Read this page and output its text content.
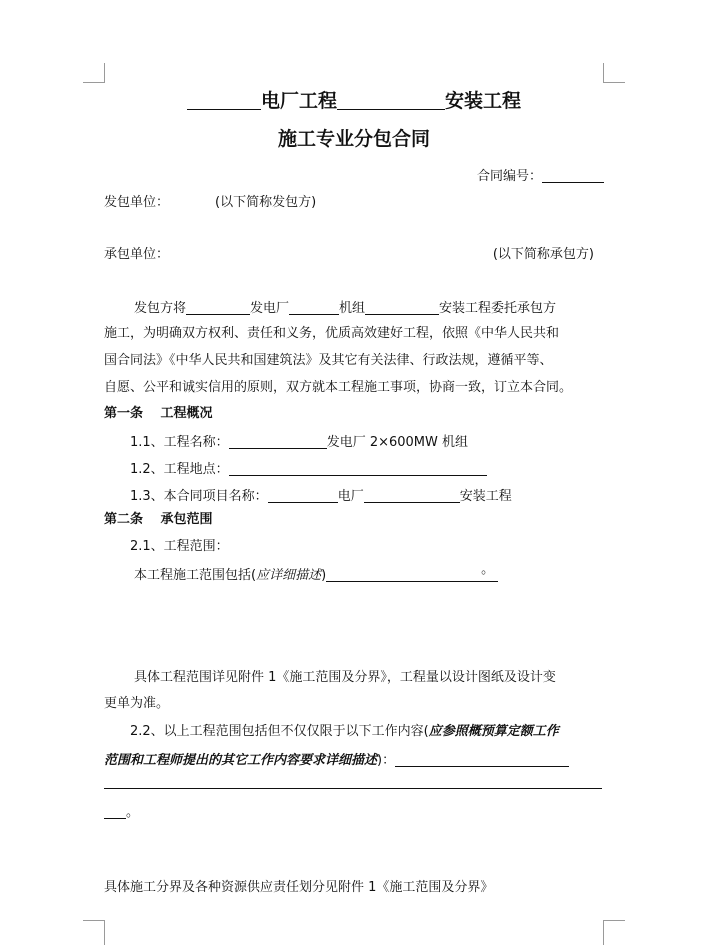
电厂工程	安装工程
施工专业分包合同
合同编号：
发包单位：	(以下简称发包方)
承包单位：	(以下简称承包方)
发包方将	发电厂	机组	安装工程委托承包方
施工，为明确双方权利、责任和义务，优质高效建好工程，依照《中华人民共和
国合同法》《中华人民共和国建筑法》及其它有关法律、行政法规，遵循平等、
自愿、公平和诚实信用的原则，双方就本工程施工事项，协商一致，订立本合同。
第一条　 工程概况
1.1、工程名称：	发电厂 2×600MW 机组
1.2、工程地点：
1.3、本合同项目名称：	电厂	安装工程
第二条　 承包范围
2.1、工程范围：
本工程施工范围包括(应详细描述)	。
具体工程范围详见附件 1《施工范围及分界》，工程量以设计图纸及设计变
更单为准。
2.2、以上工程范围包括但不仅仅限于以下工作内容(应参照概预算定额工作
范围和工程师提出的其它工作内容要求详细描述)：
。
具体施工分界及各种资源供应责任划分见附件 1《施工范围及分界》
